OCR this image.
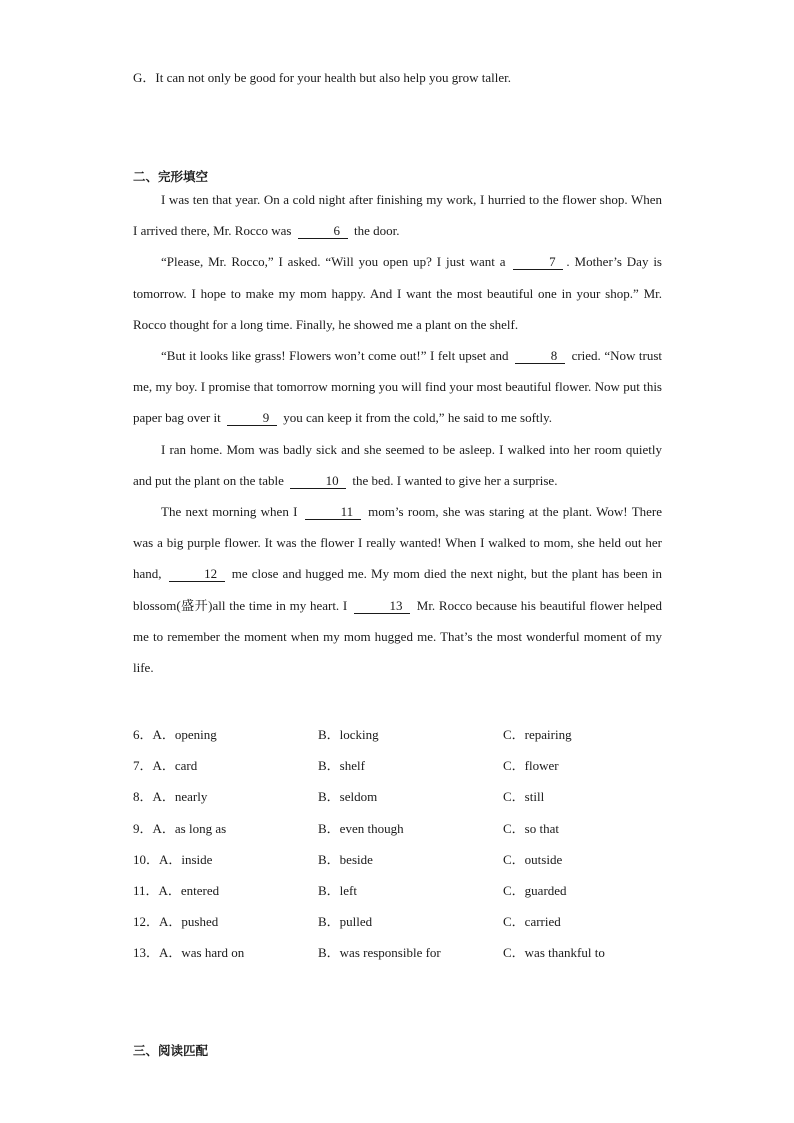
G．It can not only be good for your health but also help you grow taller.
二、完形填空

I was ten that year. On a cold night after finishing my work, I hurried to the flower shop. When I arrived there, Mr. Rocco was	6 the door.

“Please, Mr. Rocco,” I asked. “Will you open up? I just want a	7 . Mother’s Day is tomorrow. I hope to make my mom happy. And I want the most beautiful one in your shop.” Mr. Rocco thought for a long time. Finally, he showed me a plant on the shelf.

“But it looks like grass! Flowers won’t come out!” I felt upset and	8 cried. “Now trust me, my boy. I promise that tomorrow morning you will find your most beautiful flower. Now put this paper bag over it	9 you can keep it from the cold,” he said to me softly.

I ran home. Mom was badly sick and she seemed to be asleep. I walked into her room quietly and put the plant on the table	10 the bed. I wanted to give her a surprise.

The next morning when I	11 mom’s room, she was staring at the plant. Wow! There was a big purple flower. It was the flower I really wanted! When I walked to mom, she held out her hand,	12 me close and hugged me. My mom died the next night, but the plant has been in blossom(盛开)all the time in my heart. I	13 Mr. Rocco because his beautiful flower helped me to remember the moment when my mom hugged me. That’s the most wonderful moment of my life.

6．A．opening	B．locking	C．repairing
7．A．card	B．shelf	C．flower
8．A．nearly	B．seldom	C．still
9．A．as long as	B．even though	C．so that
10．A．inside	B．beside	C．outside
11．A．entered	B．left	C．guarded
12．A．pushed	B．pulled	C．carried
13．A．was hard on	B．was responsible for	C．was thankful to
三、阅读匹配
